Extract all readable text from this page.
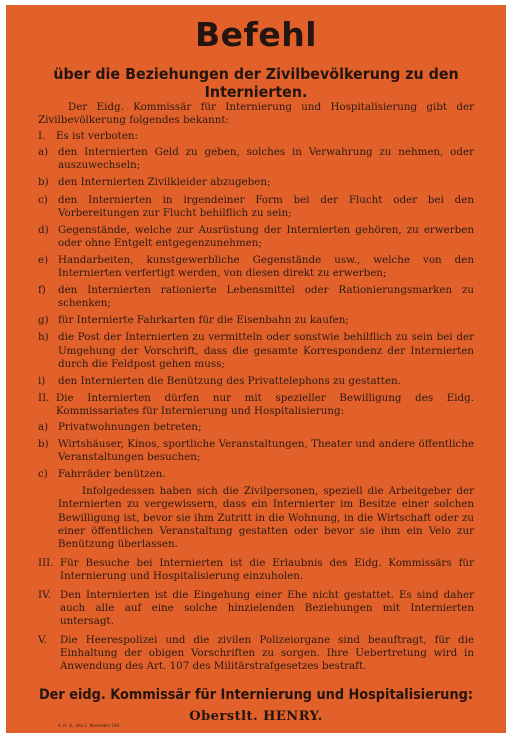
Befehl
über die Beziehungen der Zivilbevölkerung zu den Internierten.

Der Eidg. Kommissär für Internierung und Hospitalisierung gibt der Zivilbevölkerung folgendes bekannt:

I.	Es ist verboten:

a) den Internierten Geld zu geben, solches in Verwahrung zu nehmen, oder auszuwechseln;

b) den Internierten Zivilkleider abzugeben;

c) den Internierten in irgendeiner Form bei der Flucht oder bei den Vorbereitungen zur Flucht behilflich zu sein;

d) Gegenstände, welche zur Ausrüstung der Internierten gehören, zu erwerben oder ohne Entgelt entgegenzunehmen;

e) Handarbeiten, kunstgewerbliche Gegenstände usw., welche von den Internierten verfertigt werden, von diesen direkt zu erwerben;

f)	den Internierten rationierte Lebensmittel oder Rationierungsmarken zu schenken;

g) für Internierte Fahrkarten für die Eisenbahn zu kaufen;

h) die Post der Internierten zu vermitteln oder sonstwie behilflich zu sein bei der Umgehung der Vorschrift, dass die gesamte Korrespondenz der Internierten durch die Feldpost gehen muss;

i)	den Internierten die Benützung des Privattelephons zu gestatten.

II. Die Internierten dürfen nur mit spezieller Bewilligung des Eidg. Kommissariates für Internierung und Hospitalisierung:

a) Privatwohnungen betreten;

b) Wirtshäuser, Kinos, sportliche Veranstaltungen, Theater und andere öffentliche Veranstaltungen besuchen;

c) Fahrräder benützen.

Infolgedessen haben sich die Zivilpersonen, speziell die Arbeitgeber der Internierten zu vergewissern, dass ein Internierter im Besitze einer solchen Bewilligung ist, bevor sie ihm Zutritt in die Wohnung, in die Wirtschaft oder zu einer öffentlichen Veranstaltung gestatten oder bevor sie ihm ein Velo zur Benützung überlassen.

III. Für Besuche bei Internierten ist die Erlaubnis des Eidg. Kommissärs für Internierung und Hospitalisierung einzuholen.

IV. Den Internierten ist die Eingehung einer Ehe nicht gestattet. Es sind daher auch alle auf eine solche hinzielenden Beziehungen mit Internierten untersagt.

V.	Die Heerespolizei und die zivilen Polizeiorgane sind beauftragt, für die Einhaltung der obigen Vorschriften zu sorgen. Ihre Uebertretung wird in Anwendung des Art. 107 des Militärstrafgesetzes bestraft.

Der eidg. Kommissär für Internierung und Hospitalisierung:
A. H. Q., den 1. November 194
Oberstlt. HENRY.
